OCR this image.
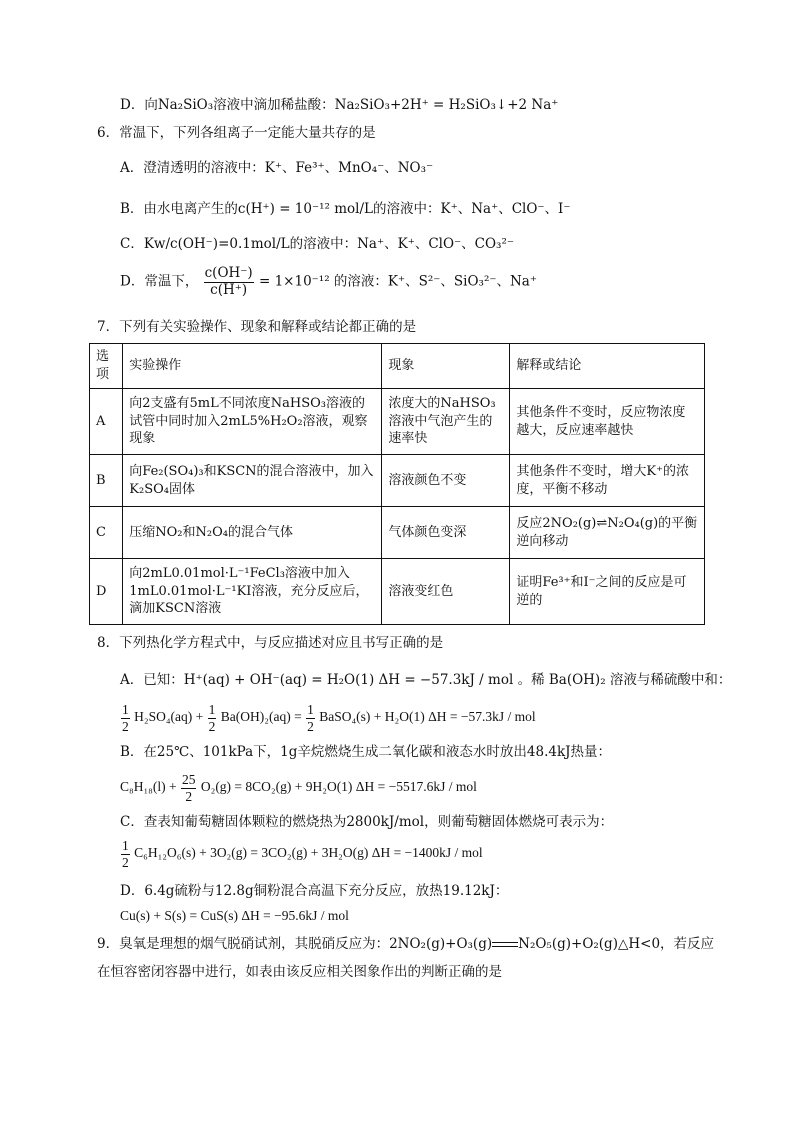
D．向Na₂SiO₃溶液中滴加稀盐酸：Na₂SiO₃+2H⁺ = H₂SiO₃↓+2 Na⁺
6．常温下，下列各组离子一定能大量共存的是
A．澄清透明的溶液中：K⁺、Fe³⁺、MnO₄⁻、NO₃⁻
B．由水电离产生的c(H⁺) = 10⁻¹² mol/L的溶液中：K⁺、Na⁺、ClO⁻、I⁻
C．Kw/c(OH⁻)=0.1mol/L的溶液中：Na⁺、K⁺、ClO⁻、CO₃²⁻
D．常温下， $\frac{c(OH^-)}{c(H^+)} = 1\times 10^{-12}$ 的溶液：K⁺、S²⁻、SiO₃²⁻、Na⁺
7．下列有关实验操作、现象和解释或结论都正确的是
选项	实验操作	现象	解释或结论
A	向2支盛有5mL不同浓度NaHSO₃溶液的试管中同时加入2mL5%H₂O₂溶液，观察现象	浓度大的NaHSO₃溶液中气泡产生的速率快	其他条件不变时，反应物浓度越大，反应速率越快
B	向Fe₂(SO₄)₃和KSCN的混合溶液中，加入K₂SO₄固体	溶液颜色不变	其他条件不变时，增大K⁺的浓度，平衡不移动
C	压缩NO₂和N₂O₄的混合气体	气体颜色变深	反应2NO₂(g)⇌N₂O₄(g)的平衡逆向移动
D	向2mL0.01mol·L⁻¹FeCl₃溶液中加入1mL0.01mol·L⁻¹KI溶液，充分反应后，滴加KSCN溶液	溶液变红色	证明Fe³⁺和I⁻之间的反应是可逆的
8．下列热化学方程式中，与反应描述对应且书写正确的是
A．已知：H⁺(aq) + OH⁻(aq) = H₂O(1) ΔH = −57.3kJ / mol 。稀 Ba(OH)₂ 溶液与稀硫酸中和：
$\frac{1}{2} H_2SO_4(aq) + \frac{1}{2} Ba(OH)_2(aq) = \frac{1}{2}$ BaSO₄(s) + H₂O(1) ΔH = −57.3kJ / mol
B．在25℃、101kPa下，1g辛烷燃烧生成二氧化碳和液态水时放出48.4kJ热量：
$C_8H_{18}(l) + \frac{25}{2} O_2(g) = 8CO_2(g) + 9H_2O(1) \Delta H = -5517.6kJ$ / mol
C．查表知葡萄糖固体颗粒的燃烧热为2800kJ/mol，则葡萄糖固体燃烧可表示为：
$\frac{1}{2} C_6H_{12}O_6(s) + 3O_2(g) = 3CO_2(g) + 3H_2O(g) \Delta H = -1400kJ$ / mol
D．6.4g硫粉与12.8g铜粉混合高温下充分反应，放热19.12kJ：
Cu(s) + S(s) = CuS(s) ΔH = −95.6kJ / mol
9．臭氧是理想的烟气脱硝试剂，其脱硝反应为：2NO₂(g)+O₃(g) N₂O₅(g)+O₂(g)△H<0，若反应
在恒容密闭容器中进行，如表由该反应相关图象作出的判断正确的是
